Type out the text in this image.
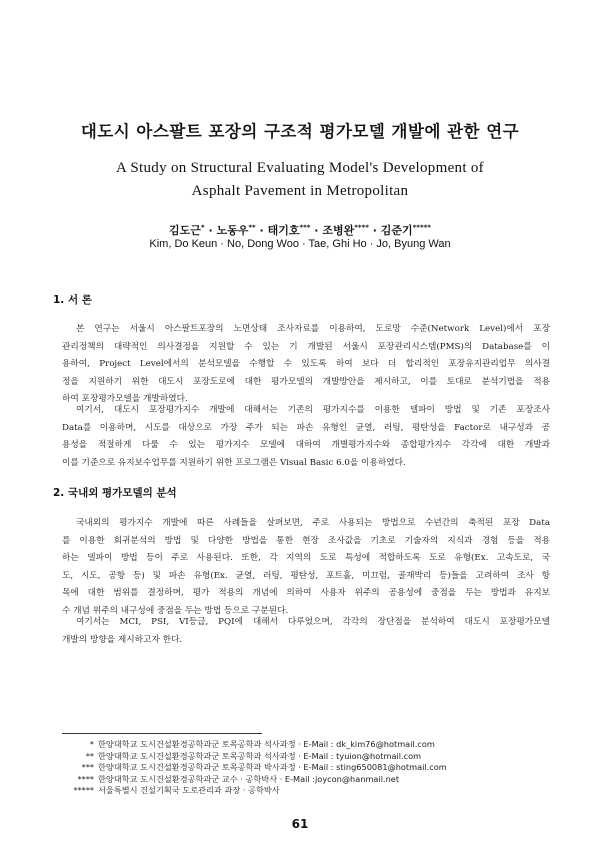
대도시 아스팔트 포장의 구조적 평가모델 개발에 관한 연구
A Study on Structural Evaluating Model's Development of
Asphalt Pavement in Metropolitan
김도근* · 노동우** · 태기호*** · 조병완**** · 김준기*****
Kim, Do Keun · No, Dong Woo · Tae, Ghi Ho · Jo, Byung Wan
1. 서 론
본 연구는 서울시 아스팔트포장의 노면상태 조사자료를 이용하여, 도로망 수준(Network Level)에서 포장
관리정책의 대략적인 의사결정을 지원할 수 있는 기 개발된 서울시 포장관리시스템(PMS)의 Database를 이
용하여, Project Level에서의 분석모델을 수행할 수 있도록 하여 보다 더 합리적인 포장유지관리업무 의사결
정을 지원하기 위한 대도시 포장도로에 대한 평가모델의 개발방안을 제시하고, 이를 토대로 분석기법을 적용
하여 포장평가모델을 개발하였다.
여기서, 대도시 포장평가지수 개발에 대해서는 기존의 평가지수를 이용한 델파이 방법 및 기존 포장조사
Data를 이용하며, 시도를 대상으로 가장 주가 되는 파손 유형인 균열, 러팅, 평탄성을 Factor로 내구성과 공
용성을 적절하게 다룰 수 있는 평가지수 모델에 대하여 개별평가지수와 종합평가지수 각각에 대한 개발과
이를 기준으로 유지보수업무를 지원하기 위한 프로그램은 Visual Basic 6.0을 이용하였다.
2. 국내외 평가모델의 분석
국내외의 평가지수 개발에 따른 사례들을 살펴보면, 주로 사용되는 방법으로 수년간의 축적된 포장 Data
를 이용한 회귀분석의 방법 및 다양한 방법을 통한 현장 조사값을 기초로 기술자의 지식과 경험 등을 적용
하는 델파이 방법 등이 주로 사용된다. 또한, 각 지역의 도로 특성에 적합하도록 도로 유형(Ex. 고속도로, 국
도, 시도, 공항 등) 및 파손 유형(Ex. 균열, 러팅, 평탄성, 포트홀, 미끄럼, 골재박리 등)들을 고려하여 조사 항
목에 대한 범위를 결정하며, 평가 적용의 개념에 의하여 사용자 위주의 공용성에 중점을 두는 방법과 유지보
수 개념 위주의 내구성에 중점을 두는 방법 등으로 구분된다.
여기서는 MCI, PSI, VI등급, PQI에 대해서 다루었으며, 각각의 장단점을 분석하여 대도시 포장평가모델
개발의 방향을 제시하고자 한다.
* 한양대학교 도시건설환경공학과군 토목공학과 석사과정 · E-Mail : dk_kim76@hotmail.com
** 한양대학교 도시건설환경공학과군 토목공학과 석사과정 · E-Mail : tyuion@hotmail.com
*** 한양대학교 도시건설환경공학과군 토목공학과 박사과정 · E-Mail : sting650081@hotmail.com
**** 한양대학교 도시건설환경공학과군 교수 · 공학박사 · E-Mail :joycon@hanmail.net
***** 서울특별시 건설기획국 도로관리과 과장 · 공학박사
61
